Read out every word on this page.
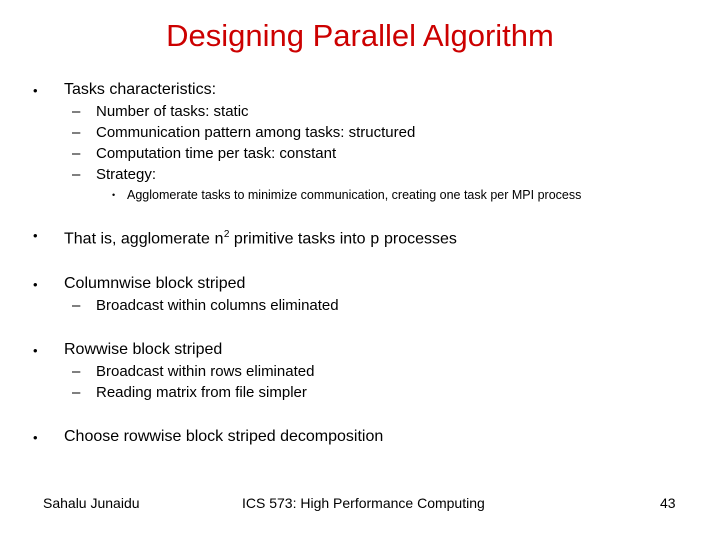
Designing Parallel Algorithm
• Tasks characteristics:
– Number of tasks: static
– Communication pattern among tasks: structured
– Computation time per task: constant
– Strategy:
• Agglomerate tasks to minimize communication, creating one task per MPI process
• That is, agglomerate $n^2$ primitive tasks into p processes
• Columnwise block striped
– Broadcast within columns eliminated
• Rowwise block striped
– Broadcast within rows eliminated
– Reading matrix from file simpler
• Choose rowwise block striped decomposition
Sahalu Junaidu	ICS 573: High Performance Computing	43
